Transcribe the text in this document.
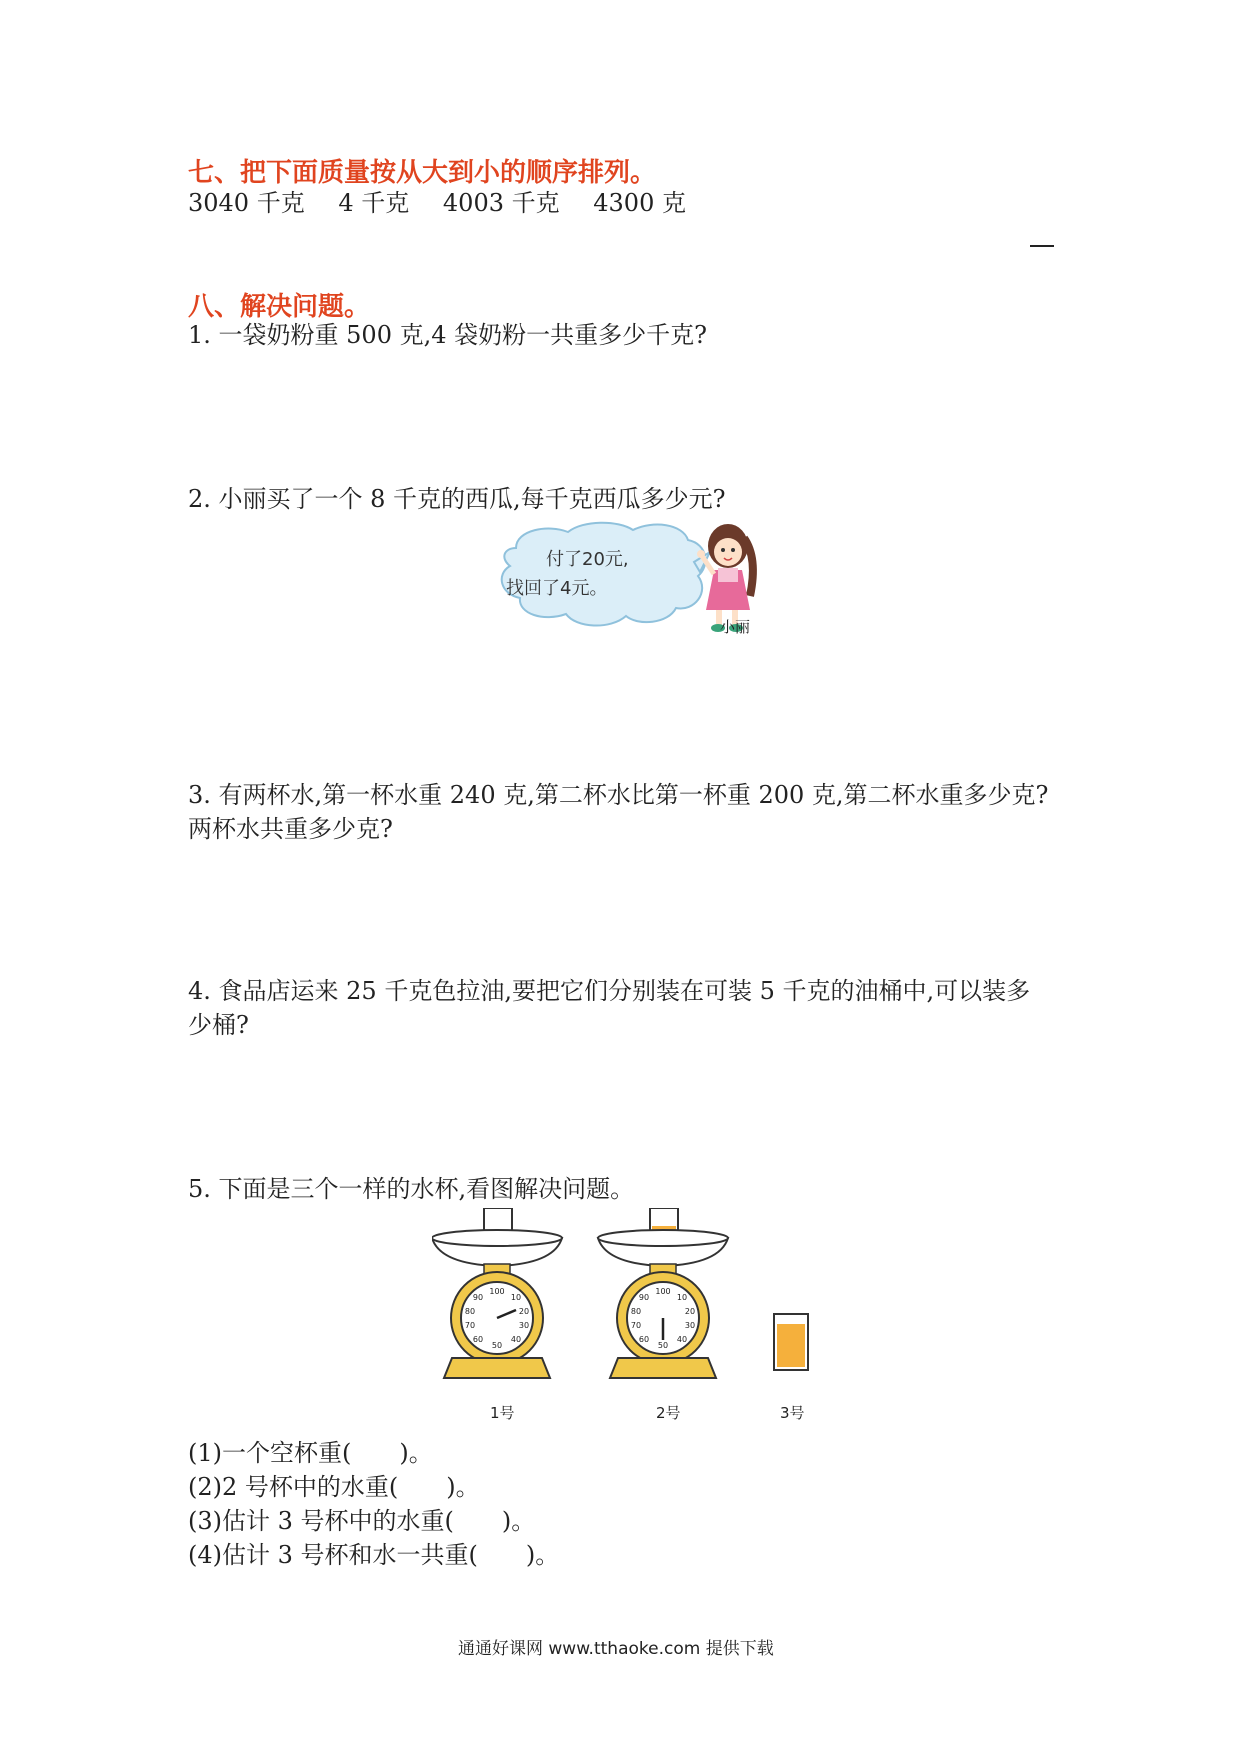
七、把下面质量按从大到小的顺序排列。
3040 千克 4 千克 4003 千克 4300 克
八、解决问题。
1. 一袋奶粉重 500 克,4 袋奶粉一共重多少千克?
2. 小丽买了一个 8 千克的西瓜,每千克西瓜多少元?
付了20元,
找回了4元。
小丽
3. 有两杯水,第一杯水重 240 克,第二杯水比第一杯重 200 克,第二杯水重多少克?
两杯水共重多少克?
4. 食品店运来 25 千克色拉油,要把它们分别装在可装 5 千克的油桶中,可以装多
少桶?
5. 下面是三个一样的水杯,看图解决问题。
100
10
20
30
40
50
60
70
80
90
100
10
20
30
40
50
60
70
80
90
1号	2号	3号
(1)一个空杯重(　　)。
(2)2 号杯中的水重(　　)。
(3)估计 3 号杯中的水重(　　)。
(4)估计 3 号杯和水一共重(　　)。
通通好课网 www.tthaoke.com 提供下载
